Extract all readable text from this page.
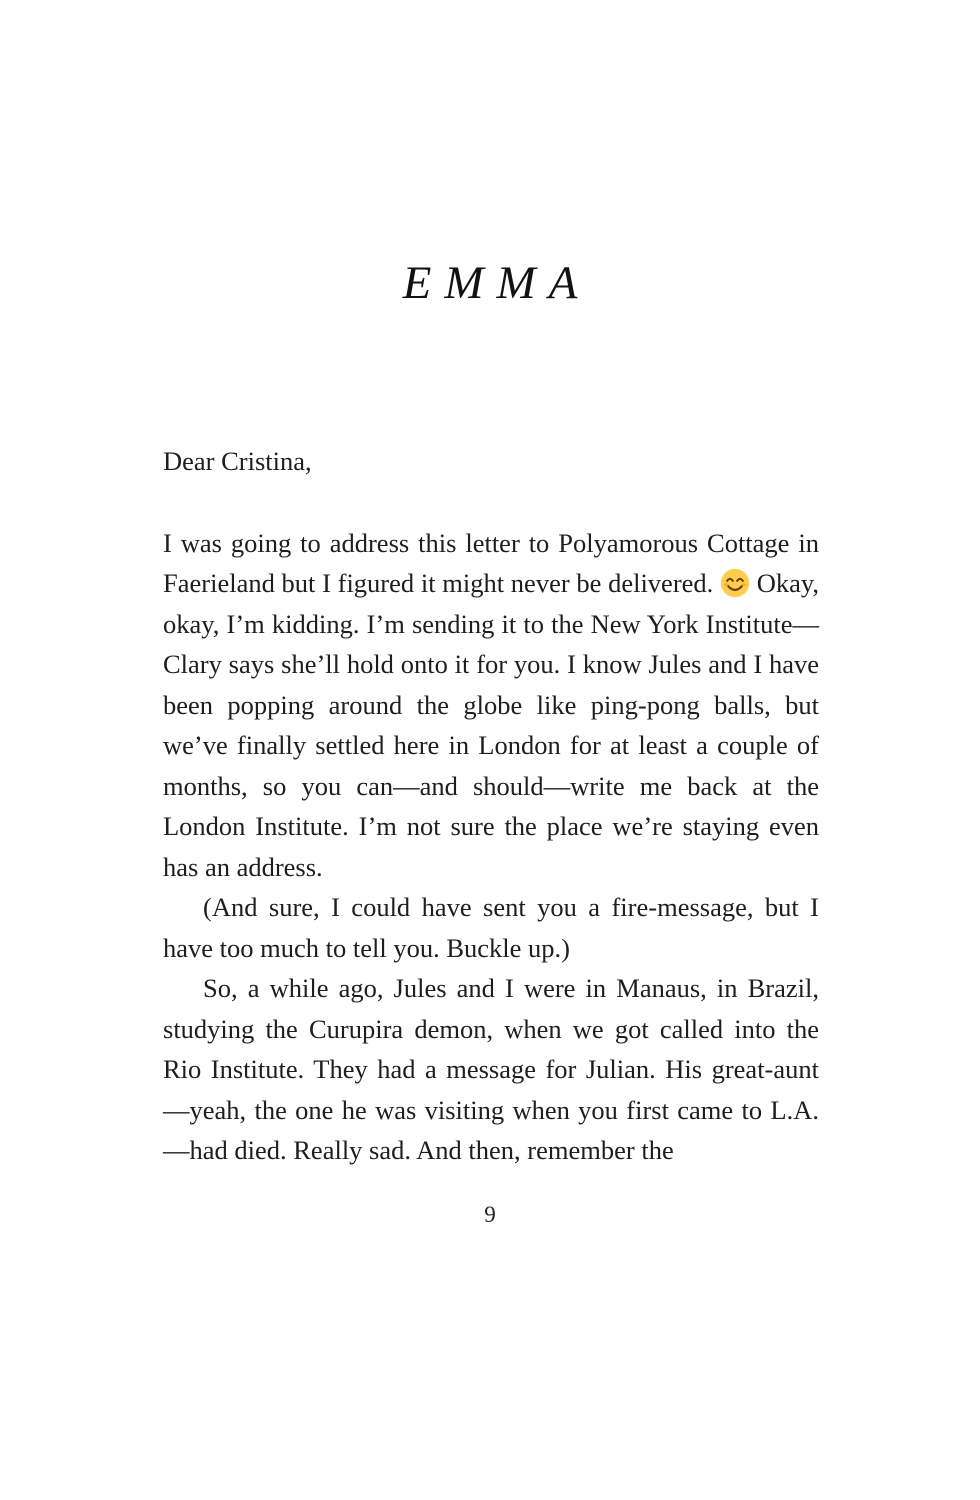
EMMA

Dear Cristina,

I was going to address this letter to Polyamorous Cottage in Faerieland but I figured it might never be delivered. Okay, okay, I’m kidding. I’m sending it to the New York Institute—Clary says she’ll hold onto it for you. I know Jules and I have been popping around the globe like ping-pong balls, but we’ve finally settled here in London for at least a couple of months, so you can—and should—write me back at the London Institute. I’m not sure the place we’re staying even has an address.

(And sure, I could have sent you a fire-message, but I have too much to tell you. Buckle up.)

So, a while ago, Jules and I were in Manaus, in Brazil, studying the Curupira demon, when we got called into the Rio Institute. They had a message for Julian. His great-aunt—yeah, the one he was visiting when you first came to L.A.—had died. Really sad. And then, remember the

9
